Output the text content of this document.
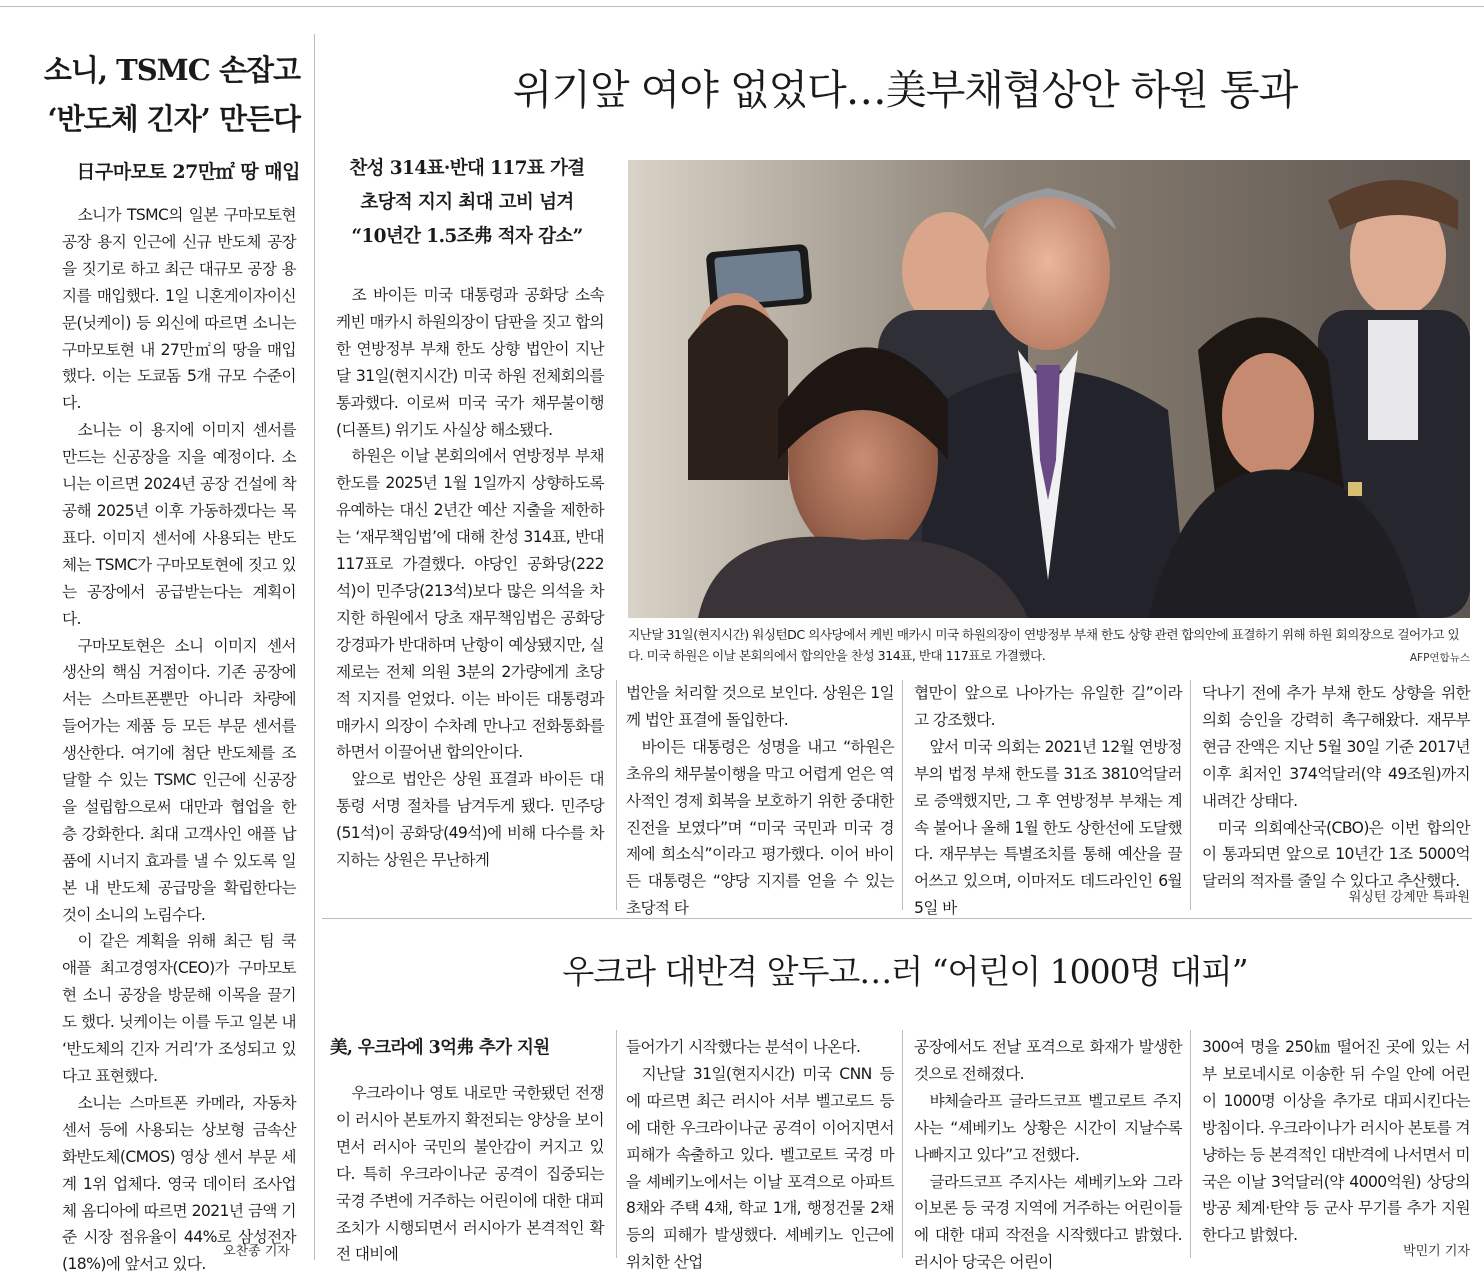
소니, TSMC 손잡고
‘반도체 긴자’ 만든다
日구마모토 27만㎡ 땅 매입

소니가 TSMC의 일본 구마모토현 공장 용지 인근에 신규 반도체 공장을 짓기로 하고 최근 대규모 공장 용지를 매입했다. 1일 니혼게이자이신문(닛케이) 등 외신에 따르면 소니는 구마모토현 내 27만㎡의 땅을 매입했다. 이는 도쿄돔 5개 규모 수준이다.

소니는 이 용지에 이미지 센서를 만드는 신공장을 지을 예정이다. 소니는 이르면 2024년 공장 건설에 착공해 2025년 이후 가동하겠다는 목표다. 이미지 센서에 사용되는 반도체는 TSMC가 구마모토현에 짓고 있는 공장에서 공급받는다는 계획이다.

구마모토현은 소니 이미지 센서 생산의 핵심 거점이다. 기존 공장에서는 스마트폰뿐만 아니라 차량에 들어가는 제품 등 모든 부문 센서를 생산한다. 여기에 첨단 반도체를 조달할 수 있는 TSMC 인근에 신공장을 설립함으로써 대만과 협업을 한층 강화한다. 최대 고객사인 애플 납품에 시너지 효과를 낼 수 있도록 일본 내 반도체 공급망을 확립한다는 것이 소니의 노림수다.

이 같은 계획을 위해 최근 팀 쿡 애플 최고경영자(CEO)가 구마모토현 소니 공장을 방문해 이목을 끌기도 했다. 닛케이는 이를 두고 일본 내 ‘반도체의 긴자 거리’가 조성되고 있다고 표현했다.

소니는 스마트폰 카메라, 자동차 센서 등에 사용되는 상보형 금속산화반도체(CMOS) 영상 센서 부문 세계 1위 업체다. 영국 데이터 조사업체 옴디아에 따르면 2021년 금액 기준 시장 점유율이 44%로 삼성전자(18%)에 앞서고 있다.

오찬종 기자
위기앞 여야 없었다…美부채협상안 하원 통과
찬성 314표·반대 117표 가결
초당적 지지 최대 고비 넘겨
“10년간 1.5조弗 적자 감소”

조 바이든 미국 대통령과 공화당 소속 케빈 매카시 하원의장이 담판을 짓고 합의한 연방정부 부채 한도 상향 법안이 지난달 31일(현지시간) 미국 하원 전체회의를 통과했다. 이로써 미국 국가 채무불이행(디폴트) 위기도 사실상 해소됐다.

하원은 이날 본회의에서 연방정부 부채 한도를 2025년 1월 1일까지 상향하도록 유예하는 대신 2년간 예산 지출을 제한하는 ‘재무책임법’에 대해 찬성 314표, 반대 117표로 가결했다. 야당인 공화당(222석)이 민주당(213석)보다 많은 의석을 차지한 하원에서 당초 재무책임법은 공화당 강경파가 반대하며 난항이 예상됐지만, 실제로는 전체 의원 3분의 2가량에게 초당적 지지를 얻었다. 이는 바이든 대통령과 매카시 의장이 수차례 만나고 전화통화를 하면서 이끌어낸 합의안이다.

앞으로 법안은 상원 표결과 바이든 대통령 서명 절차를 남겨두게 됐다. 민주당(51석)이 공화당(49석)에 비해 다수를 차지하는 상원은 무난하게

지난달 31일(현지시간) 워싱턴DC 의사당에서 케빈 매카시 미국 하원의장이 연방정부 부채 한도 상향 관련 합의안에 표결하기 위해 하원 회의장으로 걸어가고 있다. 미국 하원은 이날 본회의에서 합의안을 찬성 314표, 반대 117표로 가결했다.	AFP연합뉴스

법안을 처리할 것으로 보인다. 상원은 1일께 법안 표결에 돌입한다.

바이든 대통령은 성명을 내고 “하원은 초유의 채무불이행을 막고 어렵게 얻은 역사적인 경제 회복을 보호하기 위한 중대한 진전을 보였다”며 “미국 국민과 미국 경제에 희소식”이라고 평가했다. 이어 바이든 대통령은 “양당 지지를 얻을 수 있는 초당적 타

협만이 앞으로 나아가는 유일한 길”이라고 강조했다.

앞서 미국 의회는 2021년 12월 연방정부의 법정 부채 한도를 31조 3810억달러로 증액했지만, 그 후 연방정부 부채는 계속 불어나 올해 1월 한도 상한선에 도달했다. 재무부는 특별조치를 통해 예산을 끌어쓰고 있으며, 이마저도 데드라인인 6월 5일 바

닥나기 전에 추가 부채 한도 상향을 위한 의회 승인을 강력히 촉구해왔다. 재무부 현금 잔액은 지난 5월 30일 기준 2017년 이후 최저인 374억달러(약 49조원)까지 내려간 상태다.

미국 의회예산국(CBO)은 이번 합의안이 통과되면 앞으로 10년간 1조 5000억달러의 적자를 줄일 수 있다고 추산했다.

워싱턴 강계만 특파원
우크라 대반격 앞두고…러 “어린이 1000명 대피”
美, 우크라에 3억弗 추가 지원

우크라이나 영토 내로만 국한됐던 전쟁이 러시아 본토까지 확전되는 양상을 보이면서 러시아 국민의 불안감이 커지고 있다. 특히 우크라이나군 공격이 집중되는 국경 주변에 거주하는 어린이에 대한 대피 조치가 시행되면서 러시아가 본격적인 확전 대비에

들어가기 시작했다는 분석이 나온다.

지난달 31일(현지시간) 미국 CNN 등에 따르면 최근 러시아 서부 벨고로드 등에 대한 우크라이나군 공격이 이어지면서 피해가 속출하고 있다. 벨고로트 국경 마을 셰베키노에서는 이날 포격으로 아파트 8채와 주택 4채, 학교 1개, 행정건물 2채 등의 피해가 발생했다. 셰베키노 인근에 위치한 산업

공장에서도 전날 포격으로 화재가 발생한 것으로 전해졌다.

뱌체슬라프 글라드코프 벨고로트 주지사는 “셰베키노 상황은 시간이 지날수록 나빠지고 있다”고 전했다.

글라드코프 주지사는 셰베키노와 그라이보론 등 국경 지역에 거주하는 어린이들에 대한 대피 작전을 시작했다고 밝혔다. 러시아 당국은 어린이

300여 명을 250㎞ 떨어진 곳에 있는 서부 보로네시로 이송한 뒤 수일 안에 어린이 1000명 이상을 추가로 대피시킨다는 방침이다. 우크라이나가 러시아 본토를 겨냥하는 등 본격적인 대반격에 나서면서 미국은 이날 3억달러(약 4000억원) 상당의 방공 체계·탄약 등 군사 무기를 추가 지원한다고 밝혔다.

박민기 기자
